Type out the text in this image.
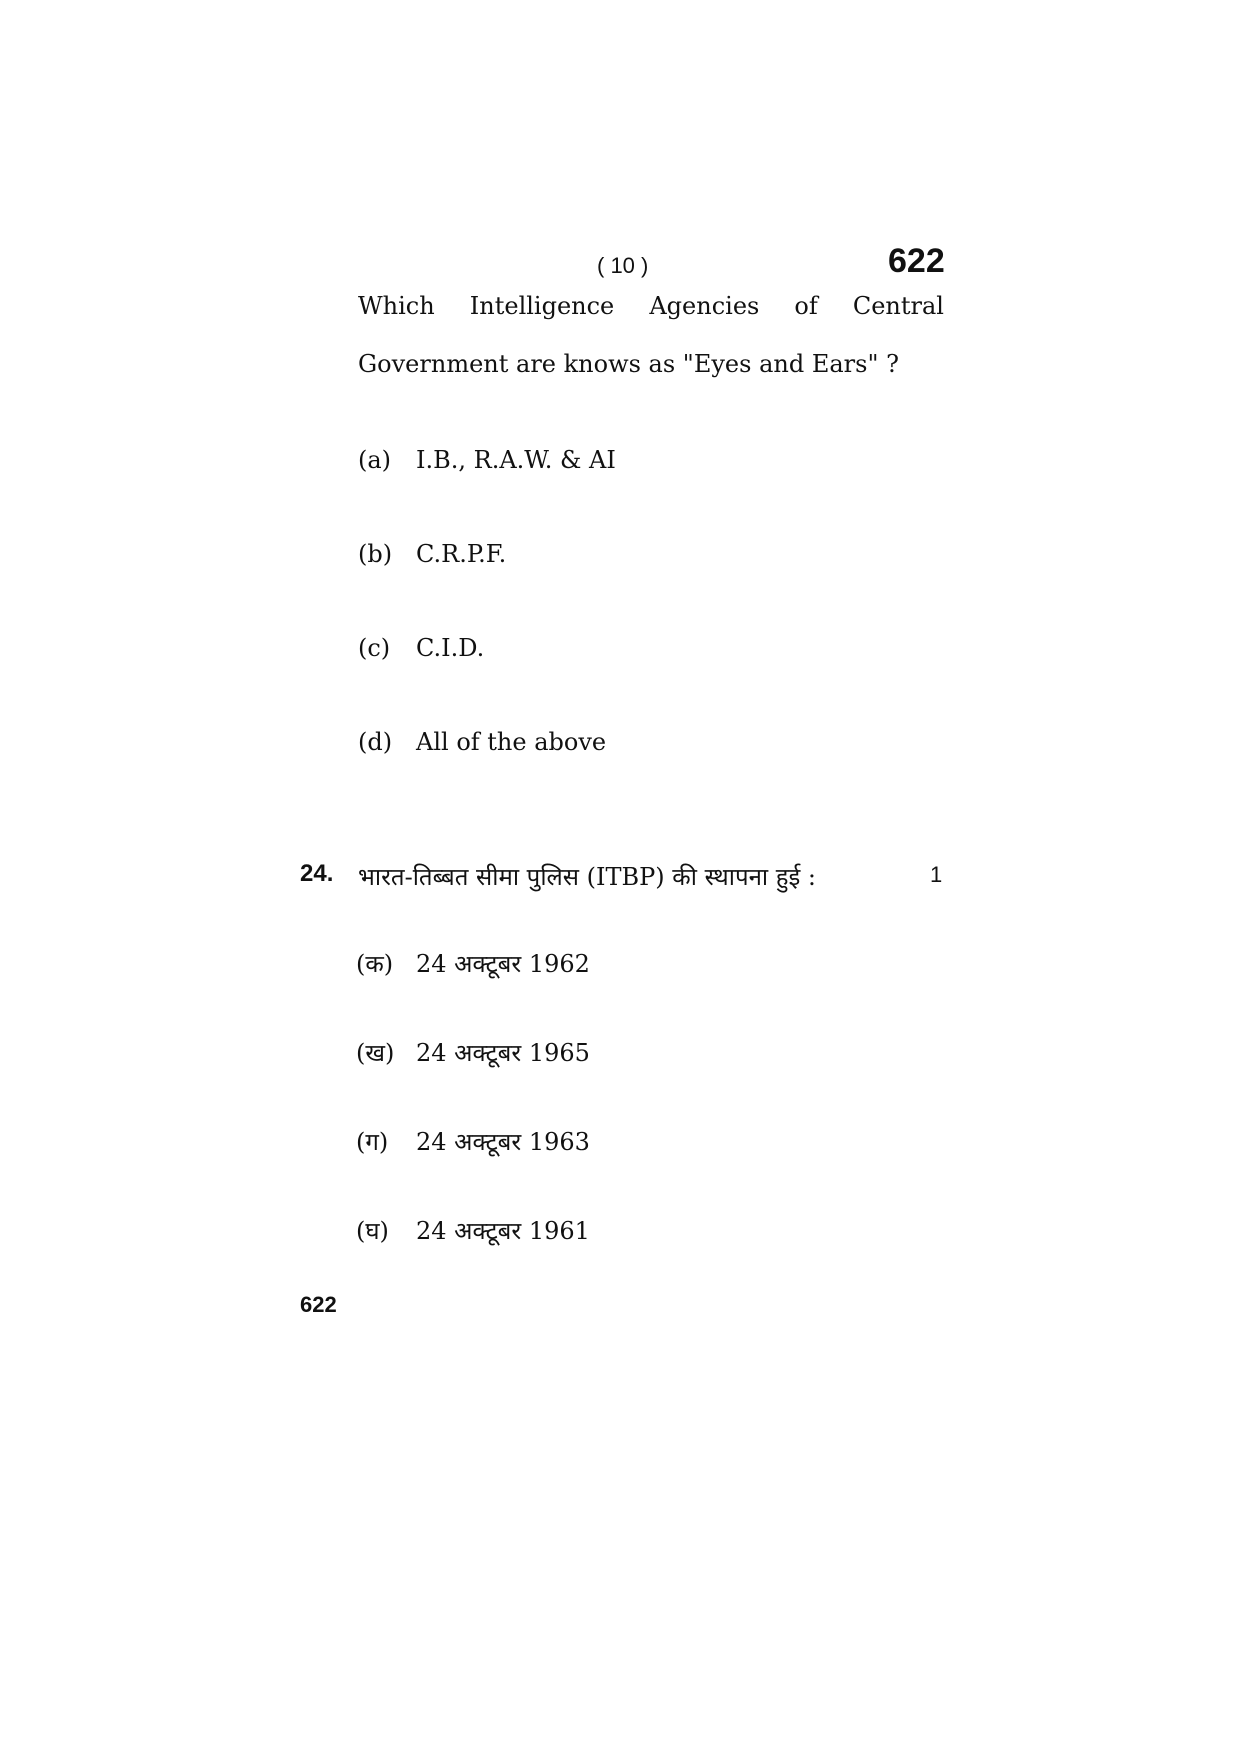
( 10 )	622
Which Intelligence Agencies of Central
Government are knows as "Eyes and Ears" ?
(a) I.B., R.A.W. & AI
(b) C.R.P.F.
(c) C.I.D.
(d) All of the above
24. भारत-तिब्बत सीमा पुलिस (ITBP) की स्थापना हुई :	1
(क) 24 अक्टूबर 1962
(ख) 24 अक्टूबर 1965
(ग) 24 अक्टूबर 1963
(घ) 24 अक्टूबर 1961
622
